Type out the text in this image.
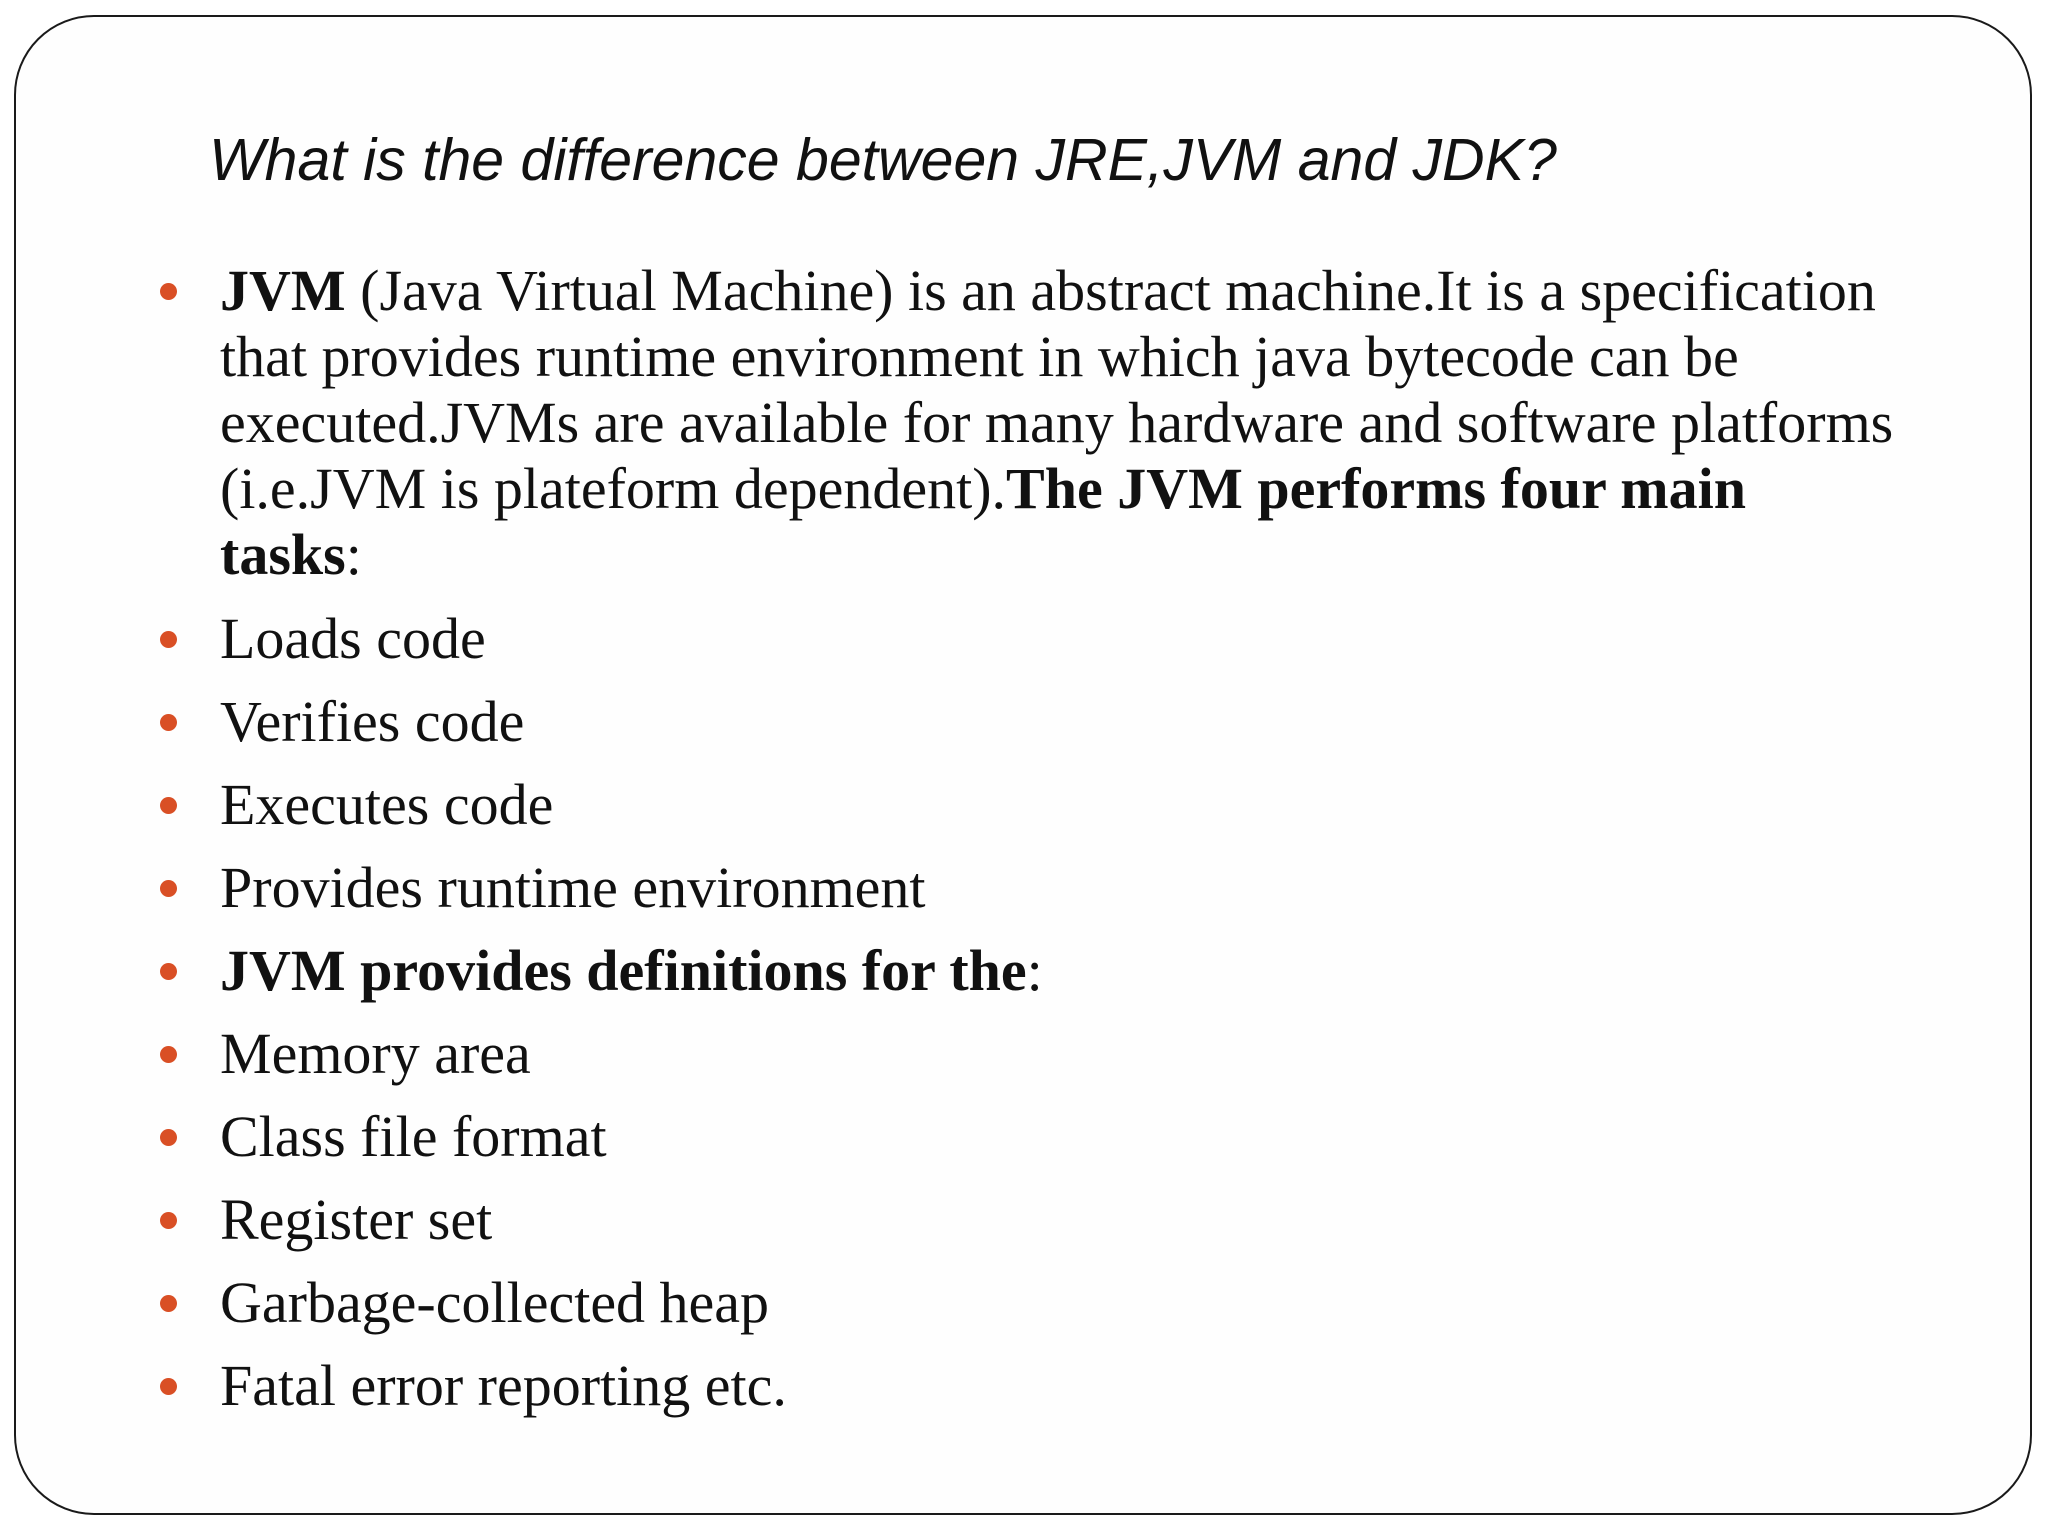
What is the difference between JRE,JVM and JDK?
JVM (Java Virtual Machine) is an abstract machine.It is a specification
that provides runtime environment in which java bytecode can be
executed.JVMs are available for many hardware and software platforms
(i.e.JVM is plateform dependent).The JVM performs four main
tasks:
Loads code
Verifies code
Executes code
Provides runtime environment
JVM provides definitions for the:
Memory area
Class file format
Register set
Garbage-collected heap
Fatal error reporting etc.
